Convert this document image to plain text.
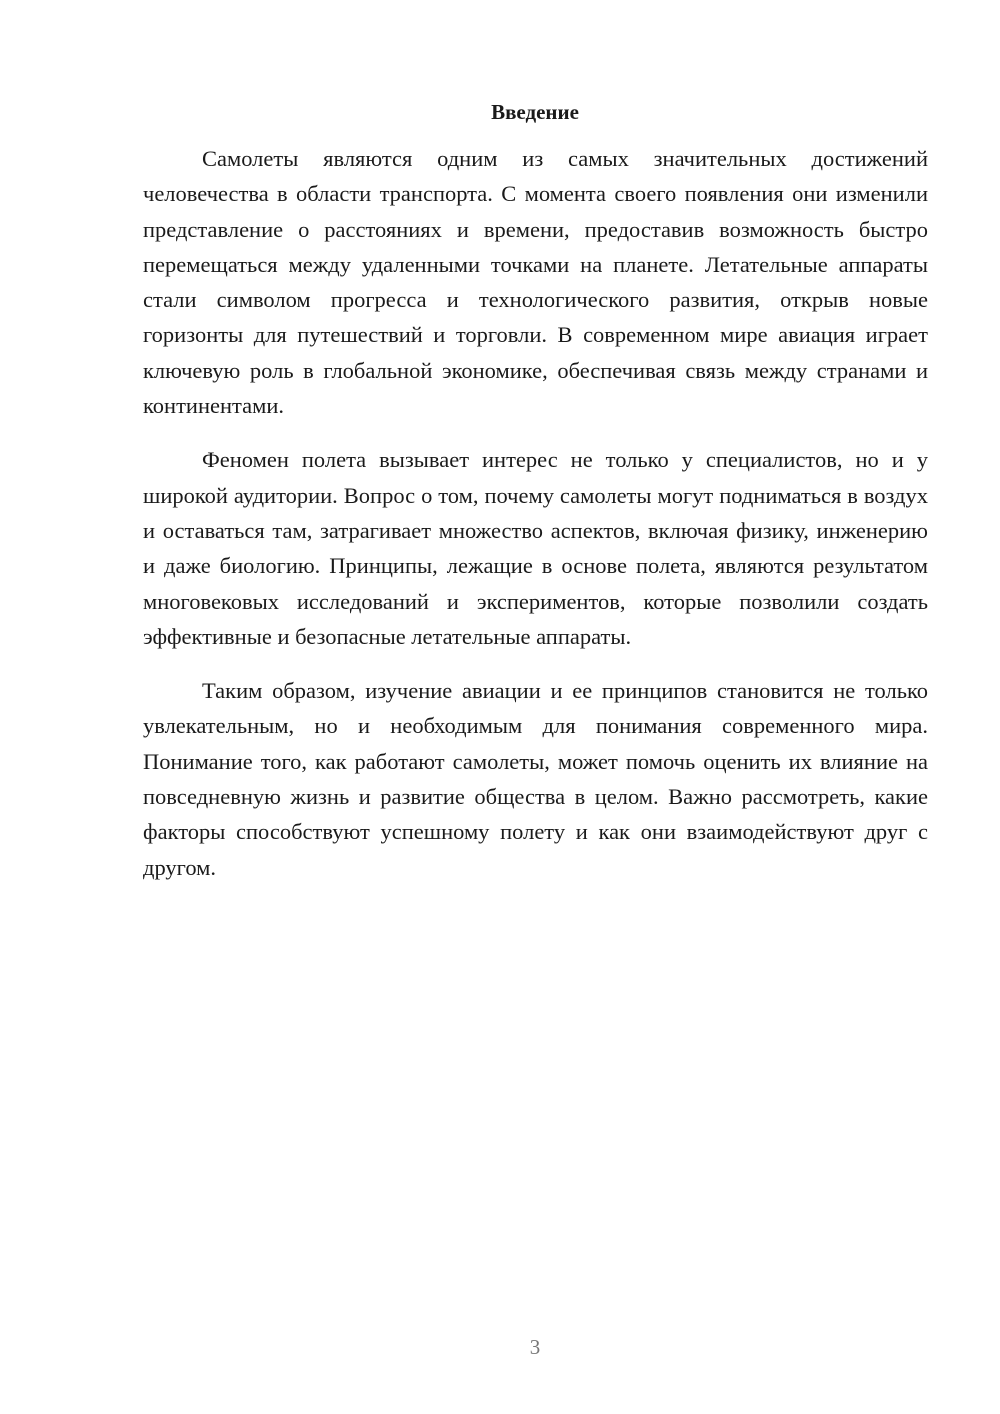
Введение

Самолеты являются одним из самых значительных достижений человечества в области транспорта. С момента своего появления они изменили представление о расстояниях и времени, предоставив возможность быстро перемещаться между удаленными точками на планете. Летательные аппараты стали символом прогресса и технологического развития, открыв новые горизонты для путешествий и торговли. В современном мире авиация играет ключевую роль в глобальной экономике, обеспечивая связь между странами и континентами.

Феномен полета вызывает интерес не только у специалистов, но и у широкой аудитории. Вопрос о том, почему самолеты могут подниматься в воздух и оставаться там, затрагивает множество аспектов, включая физику, инженерию и даже биологию. Принципы, лежащие в основе полета, являются результатом многовековых исследований и экспериментов, которые позволили создать эффективные и безопасные летательные аппараты.

Таким образом, изучение авиации и ее принципов становится не только увлекательным, но и необходимым для понимания современного мира. Понимание того, как работают самолеты, может помочь оценить их влияние на повседневную жизнь и развитие общества в целом. Важно рассмотреть, какие факторы способствуют успешному полету и как они взаимодействуют друг с другом.

3
